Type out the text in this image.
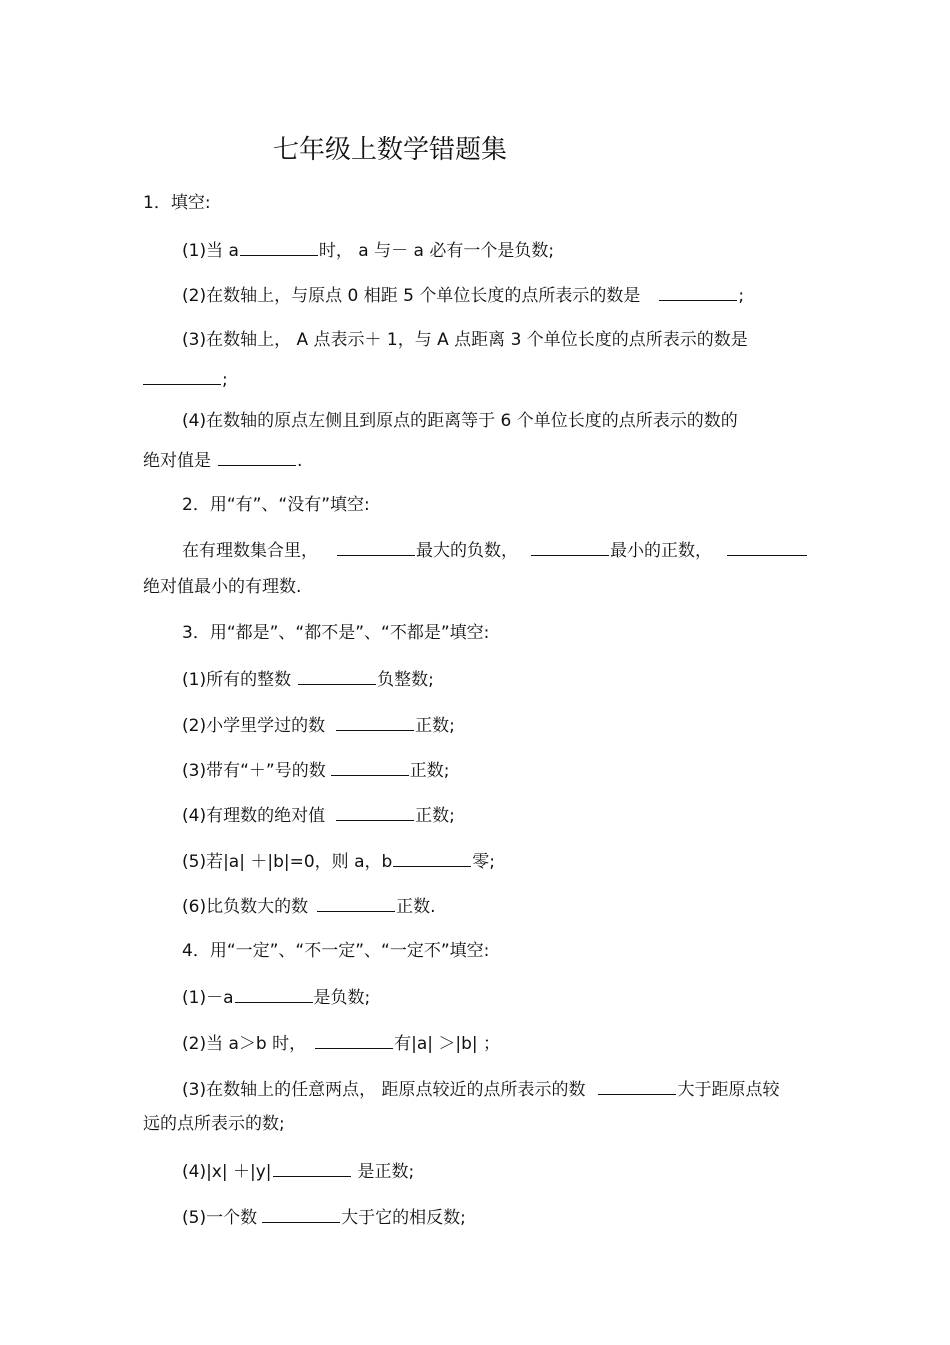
七年级上数学错题集
1．填空:
(1)当 a	时， a 与－ a 必有一个是负数;
(2)在数轴上，与原点 0 相距 5 个单位长度的点所表示的数是	;
(3)在数轴上， A 点表示＋ 1，与 A 点距离 3 个单位长度的点所表示的数是
;
(4)在数轴的原点左侧且到原点的距离等于 6 个单位长度的点所表示的数的
绝对值是	.
2．用“有”、“没有”填空:
在有理数集合里，	最大的负数，	最小的正数，
绝对值最小的有理数.
3．用“都是”、“都不是”、“不都是”填空:
(1)所有的整数	负整数;
(2)小学里学过的数	正数;
(3)带有“＋”号的数	正数;
(4)有理数的绝对值	正数;
(5)若|a| ＋|b|=0，则 a，b	零;
(6)比负数大的数	正数.
4．用“一定”、“不一定”、“一定不”填空:
(1)－a	是负数;
(2)当 a＞b 时，	有|a| ＞|b| ；
(3)在数轴上的任意两点， 距原点较近的点所表示的数	大于距原点较
远的点所表示的数;
(4)|x| ＋|y|	是正数;
(5)一个数	大于它的相反数;
